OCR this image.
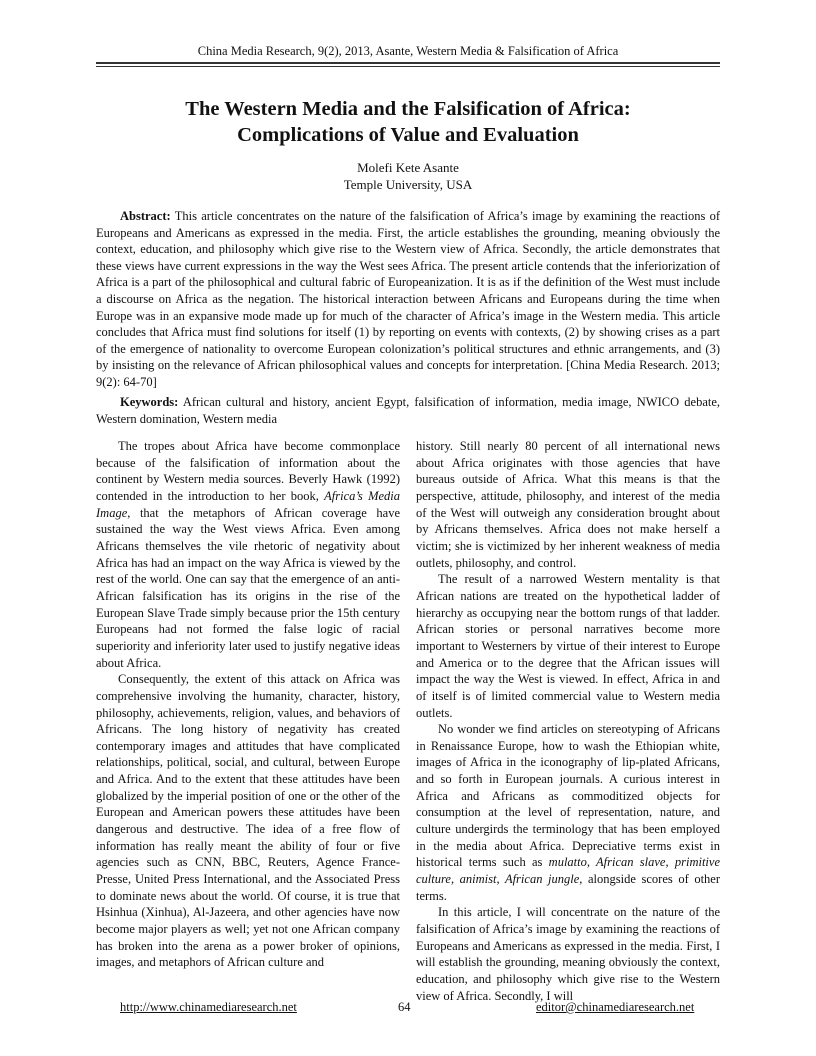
China Media Research, 9(2), 2013, Asante, Western Media & Falsification of Africa
The Western Media and the Falsification of Africa:
Complications of Value and Evaluation
Molefi Kete Asante
Temple University, USA

Abstract: This article concentrates on the nature of the falsification of Africa’s image by examining the reactions of Europeans and Americans as expressed in the media. First, the article establishes the grounding, meaning obviously the context, education, and philosophy which give rise to the Western view of Africa. Secondly, the article demonstrates that these views have current expressions in the way the West sees Africa. The present article contends that the inferiorization of Africa is a part of the philosophical and cultural fabric of Europeanization. It is as if the definition of the West must include a discourse on Africa as the negation. The historical interaction between Africans and Europeans during the time when Europe was in an expansive mode made up for much of the character of Africa’s image in the Western media. This article concludes that Africa must find solutions for itself (1) by reporting on events with contexts, (2) by showing crises as a part of the emergence of nationality to overcome European colonization’s political structures and ethnic arrangements, and (3) by insisting on the relevance of African philosophical values and concepts for interpretation. [China Media Research. 2013; 9(2): 64-70]

Keywords: African cultural and history, ancient Egypt, falsification of information, media image, NWICO debate, Western domination, Western media

The tropes about Africa have become commonplace because of the falsification of information about the continent by Western media sources. Beverly Hawk (1992) contended in the introduction to her book, Africa’s Media Image, that the metaphors of African coverage have sustained the way the West views Africa. Even among Africans themselves the vile rhetoric of negativity about Africa has had an impact on the way Africa is viewed by the rest of the world. One can say that the emergence of an anti-African falsification has its origins in the rise of the European Slave Trade simply because prior the 15th century Europeans had not formed the false logic of racial superiority and inferiority later used to justify negative ideas about Africa.

Consequently, the extent of this attack on Africa was comprehensive involving the humanity, character, history, philosophy, achievements, religion, values, and behaviors of Africans. The long history of negativity has created contemporary images and attitudes that have complicated relationships, political, social, and cultural, between Europe and Africa. And to the extent that these attitudes have been globalized by the imperial position of one or the other of the European and American powers these attitudes have been dangerous and destructive. The idea of a free flow of information has really meant the ability of four or five agencies such as CNN, BBC, Reuters, Agence France-Presse, United Press International, and the Associated Press to dominate news about the world. Of course, it is true that Hsinhua (Xinhua), Al-Jazeera, and other agencies have now become major players as well; yet not one African company has broken into the arena as a power broker of opinions, images, and metaphors of African culture and

history. Still nearly 80 percent of all international news about Africa originates with those agencies that have bureaus outside of Africa. What this means is that the perspective, attitude, philosophy, and interest of the media of the West will outweigh any consideration brought about by Africans themselves. Africa does not make herself a victim; she is victimized by her inherent weakness of media outlets, philosophy, and control.

The result of a narrowed Western mentality is that African nations are treated on the hypothetical ladder of hierarchy as occupying near the bottom rungs of that ladder. African stories or personal narratives become more important to Westerners by virtue of their interest to Europe and America or to the degree that the African issues will impact the way the West is viewed. In effect, Africa in and of itself is of limited commercial value to Western media outlets.

No wonder we find articles on stereotyping of Africans in Renaissance Europe, how to wash the Ethiopian white, images of Africa in the iconography of lip-plated Africans, and so forth in European journals. A curious interest in Africa and Africans as commoditized objects for consumption at the level of representation, nature, and culture undergirds the terminology that has been employed in the media about Africa. Depreciative terms exist in historical terms such as mulatto, African slave, primitive culture, animist, African jungle, alongside scores of other terms.

In this article, I will concentrate on the nature of the falsification of Africa’s image by examining the reactions of Europeans and Americans as expressed in the media. First, I will establish the grounding, meaning obviously the context, education, and philosophy which give rise to the Western view of Africa. Secondly, I will

http://www.chinamediaresearch.net	64	editor@chinamediaresearch.net
